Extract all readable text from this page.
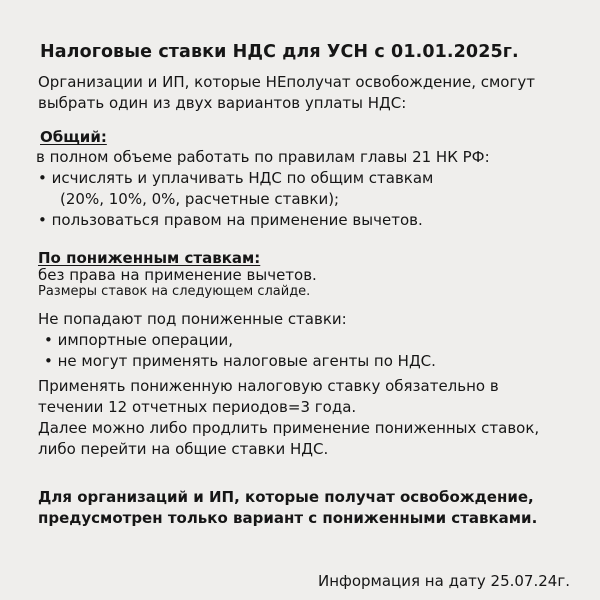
Налоговые ставки НДС для УСН с 01.01.2025г.
Организации и ИП, которые НЕполучат освобождение, смогут
выбрать один из двух вариантов уплаты НДС:
Общий:
в полном объеме работать по правилам главы 21 НК РФ:
• исчислять и уплачивать НДС по общим ставкам
(20%, 10%, 0%, расчетные ставки);
• пользоваться правом на применение вычетов.
По пониженным ставкам:
без права на применение вычетов.
Размеры ставок на следующем слайде.
Не попадают под пониженные ставки:
• импортные операции,
• не могут применять налоговые агенты по НДС.
Применять пониженную налоговую ставку обязательно в
течении 12 отчетных периодов=3 года.
Далее можно либо продлить применение пониженных ставок,
либо перейти на общие ставки НДС.
Для организаций и ИП, которые получат освобождение,
предусмотрен только вариант с пониженными ставками.
Информация на дату 25.07.24г.
